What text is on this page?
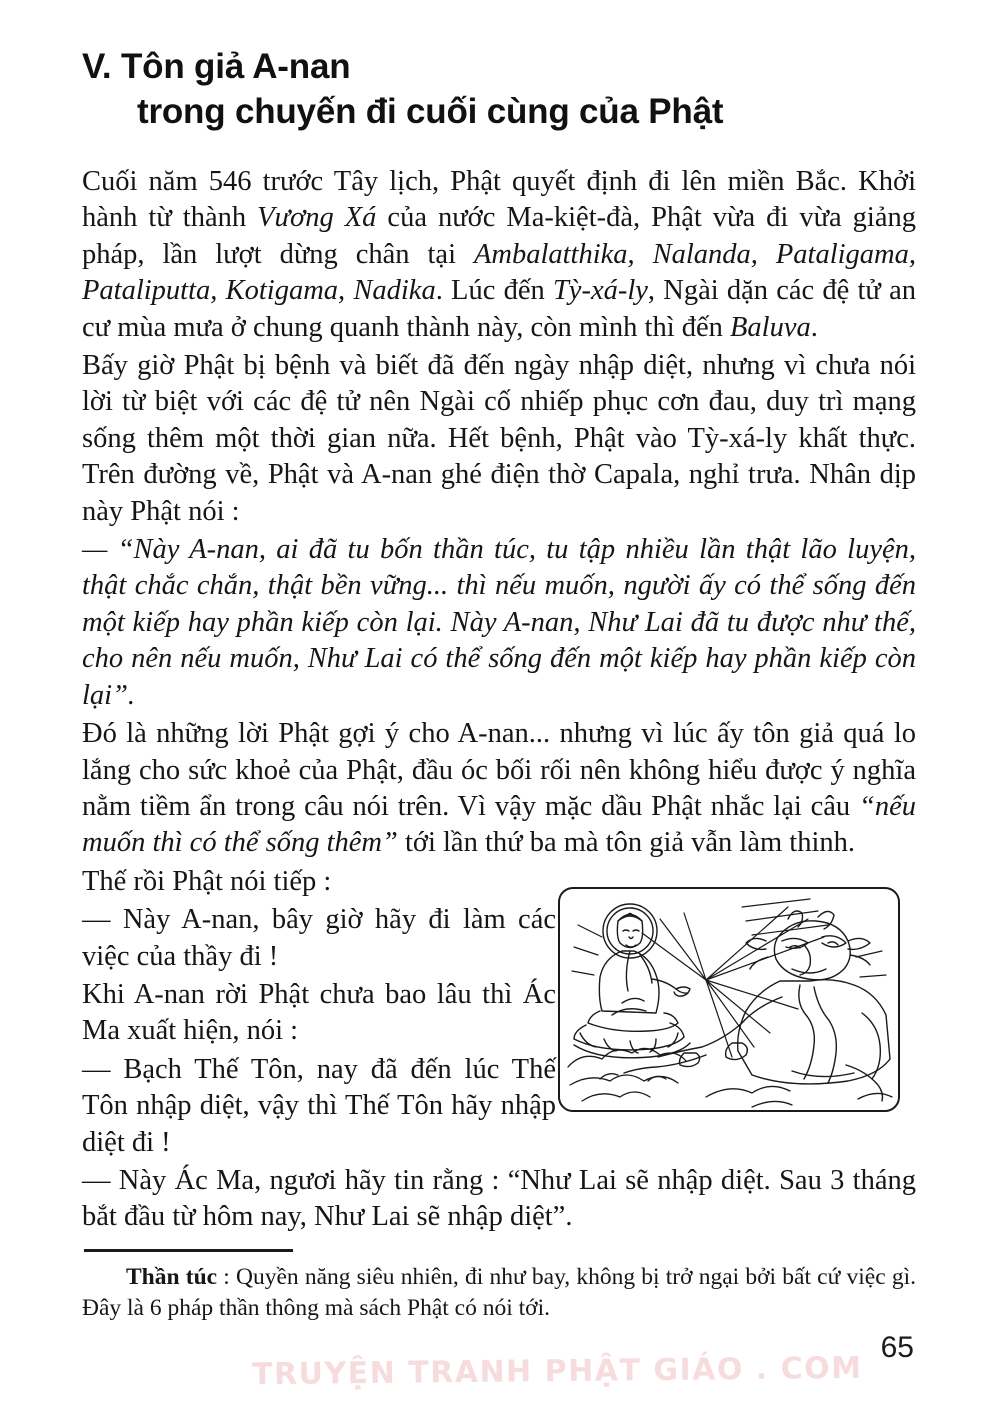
V. Tôn giả A-nan
trong chuyến đi cuối cùng của Phật

Cuối năm 546 trước Tây lịch, Phật quyết định đi lên miền Bắc. Khởi hành từ thành Vương Xá của nước Ma-kiệt-đà, Phật vừa đi vừa giảng pháp, lần lượt dừng chân tại Ambalatthika, Nalanda, Pataligama, Pataliputta, Kotigama, Nadika. Lúc đến Tỳ-xá-ly, Ngài dặn các đệ tử an cư mùa mưa ở chung quanh thành này, còn mình thì đến Baluva.

Bấy giờ Phật bị bệnh và biết đã đến ngày nhập diệt, nhưng vì chưa nói lời từ biệt với các đệ tử nên Ngài cố nhiếp phục cơn đau, duy trì mạng sống thêm một thời gian nữa. Hết bệnh, Phật vào Tỳ-xá-ly khất thực. Trên đường về, Phật và A-nan ghé điện thờ Capala, nghỉ trưa. Nhân dịp này Phật nói :

— “Này A-nan, ai đã tu bốn thần túc, tu tập nhiều lần thật lão luyện, thật chắc chắn, thật bền vững... thì nếu muốn, người ấy có thể sống đến một kiếp hay phần kiếp còn lại. Này A-nan, Như Lai đã tu được như thế, cho nên nếu muốn, Như Lai có thể sống đến một kiếp hay phần kiếp còn lại”.

Đó là những lời Phật gợi ý cho A-nan... nhưng vì lúc ấy tôn giả quá lo lắng cho sức khoẻ của Phật, đầu óc bối rối nên không hiểu được ý nghĩa nằm tiềm ẩn trong câu nói trên. Vì vậy mặc dầu Phật nhắc lại câu “nếu muốn thì có thể sống thêm” tới lần thứ ba mà tôn giả vẫn làm thinh.

Thế rồi Phật nói tiếp :

— Này A-nan, bây giờ hãy đi làm các việc của thầy đi !

Khi A-nan rời Phật chưa bao lâu thì Ác Ma xuất hiện, nói :

— Bạch Thế Tôn, nay đã đến lúc Thế Tôn nhập diệt, vậy thì Thế Tôn hãy nhập diệt đi !

— Này Ác Ma, ngươi hãy tin rằng : “Như Lai sẽ nhập diệt. Sau 3 tháng bắt đầu từ hôm nay, Như Lai sẽ nhập diệt”.

Thần túc : Quyền năng siêu nhiên, đi như bay, không bị trở ngại bởi bất cứ việc gì. Đây là 6 pháp thần thông mà sách Phật có nói tới.
65
TRUYỆN TRANH PHẬT GIÁO . COM
